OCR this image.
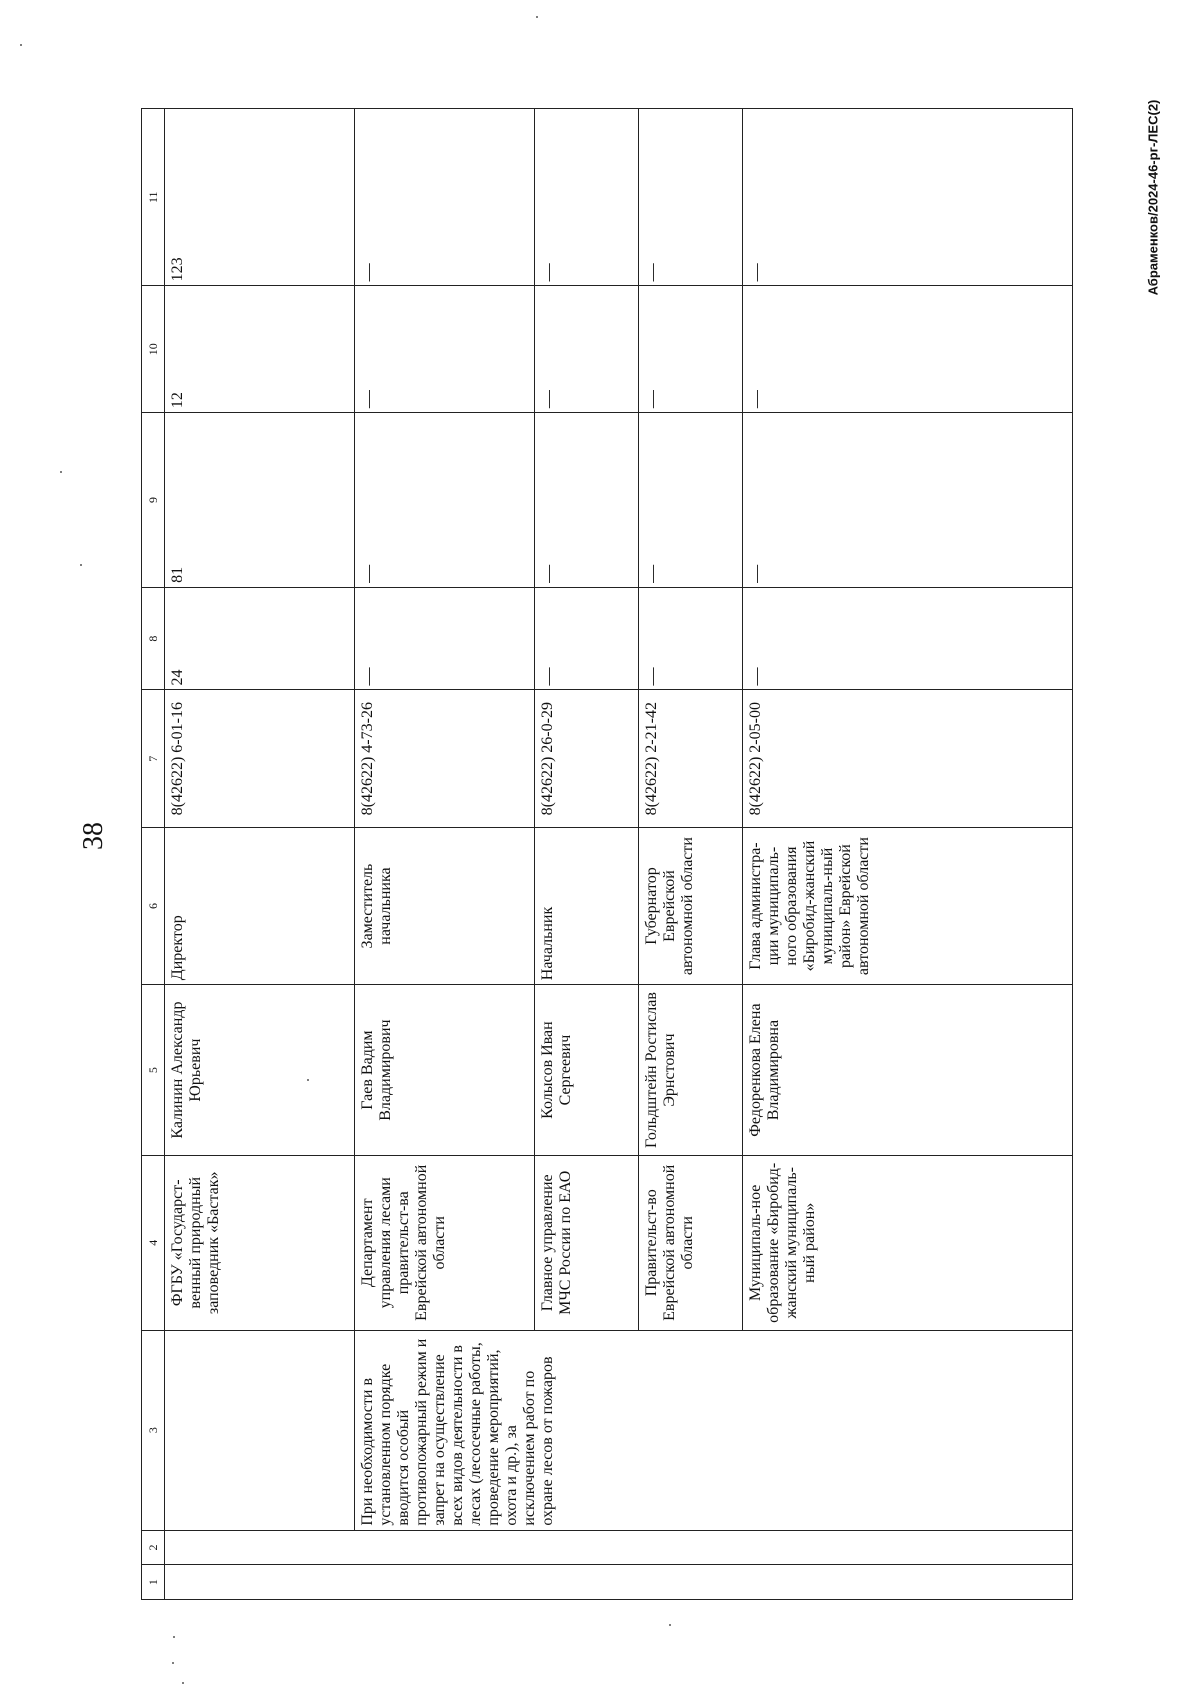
38
Абраменков/2024-46-рг-ЛЕС(2)
1	2	3	4	5	6	7	8	9	10	11
			ФГБУ «Государст-венный природный заповедник «Бастак»	Калинин Александр Юрьевич	Директор	8(42622) 6-01-16	24	81	12	123
		При необходимости в установленном порядке вводится особый противопожарный режим и запрет на осуществление всех видов деятельности в лесах (лесосечные работы, проведение мероприятий, охота и др.), за исключением работ по охране лесов от пожаров	Департамент управления лесами правительст-ва Еврейской автономной области	Гаев Вадим Владимирович	Заместитель начальника	8(42622) 4-73-26	—	—	—	—
			Главное управление МЧС России по ЕАО	Колысов Иван Сергеевич	Начальник	8(42622) 26-0-29	—	—	—	—
			Правительст-во Еврейской автономной области	Гольдштейн Ростислав Эрнстович	Губернатор Еврейской автономной области	8(42622) 2-21-42	—	—	—	—
			Муниципаль-ное образование «Биробид-жанский муниципаль-ный район»	Федоренкова Елена Владимировна	Глава администра-ции муниципаль-ного образования «Биробид-жанский муниципаль-ный район» Еврейской автономной области	8(42622) 2-05-00	—	—	—	—
